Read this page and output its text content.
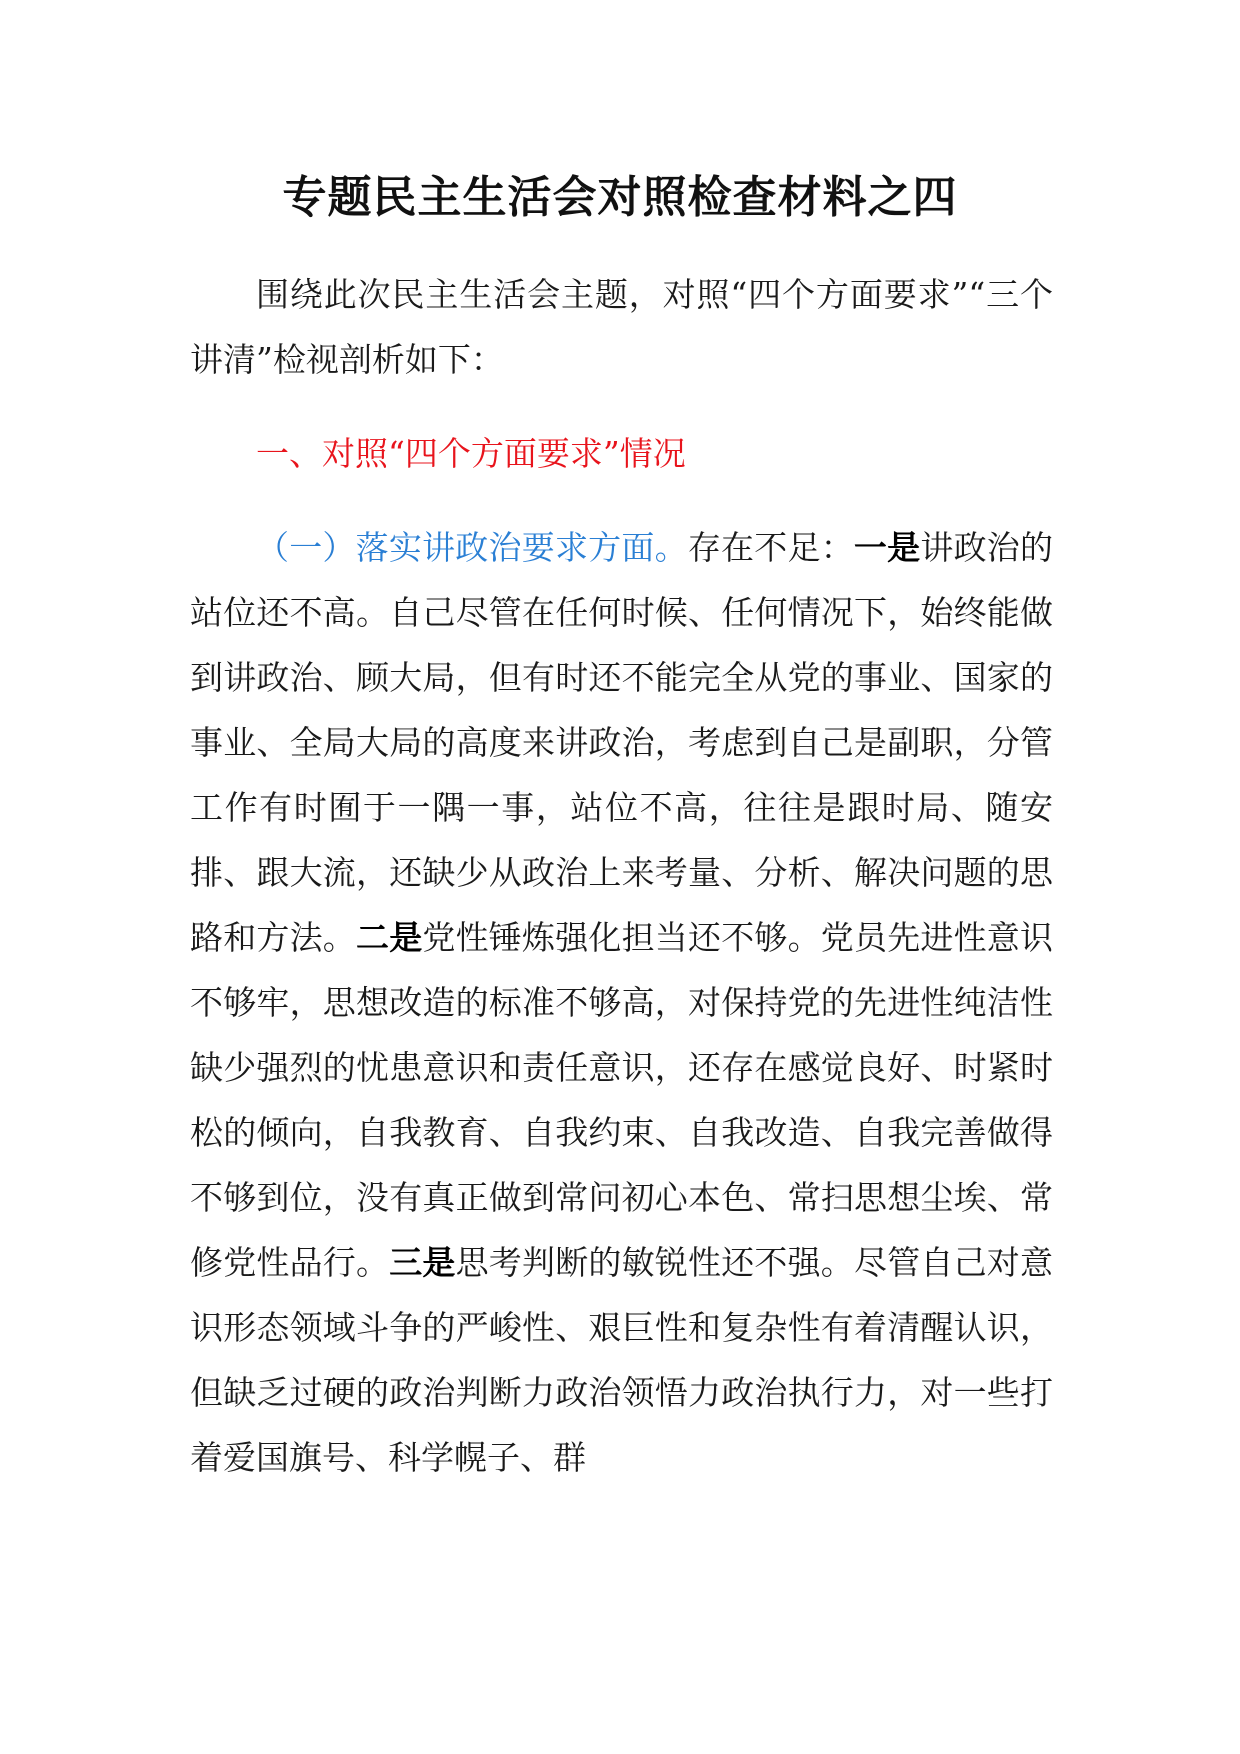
专题民主生活会对照检查材料之四
围绕此次民主生活会主题，对照“四个方面要求”“三个讲清”检视剖析如下：
一、对照“四个方面要求”情况
（一）落实讲政治要求方面。存在不足：一是讲政治的站位还不高。自己尽管在任何时候、任何情况下，始终能做到讲政治、顾大局，但有时还不能完全从党的事业、国家的事业、全局大局的高度来讲政治，考虑到自己是副职，分管工作有时囿于一隅一事，站位不高，往往是跟时局、随安排、跟大流，还缺少从政治上来考量、分析、解决问题的思路和方法。二是党性锤炼强化担当还不够。党员先进性意识不够牢，思想改造的标准不够高，对保持党的先进性纯洁性缺少强烈的忧患意识和责任意识，还存在感觉良好、时紧时松的倾向，自我教育、自我约束、自我改造、自我完善做得不够到位，没有真正做到常问初心本色、常扫思想尘埃、常修党性品行。三是思考判断的敏锐性还不强。尽管自己对意识形态领域斗争的严峻性、艰巨性和复杂性有着清醒认识，但缺乏过硬的政治判断力政治领悟力政治执行力，对一些打着爱国旗号、科学幌子、群
